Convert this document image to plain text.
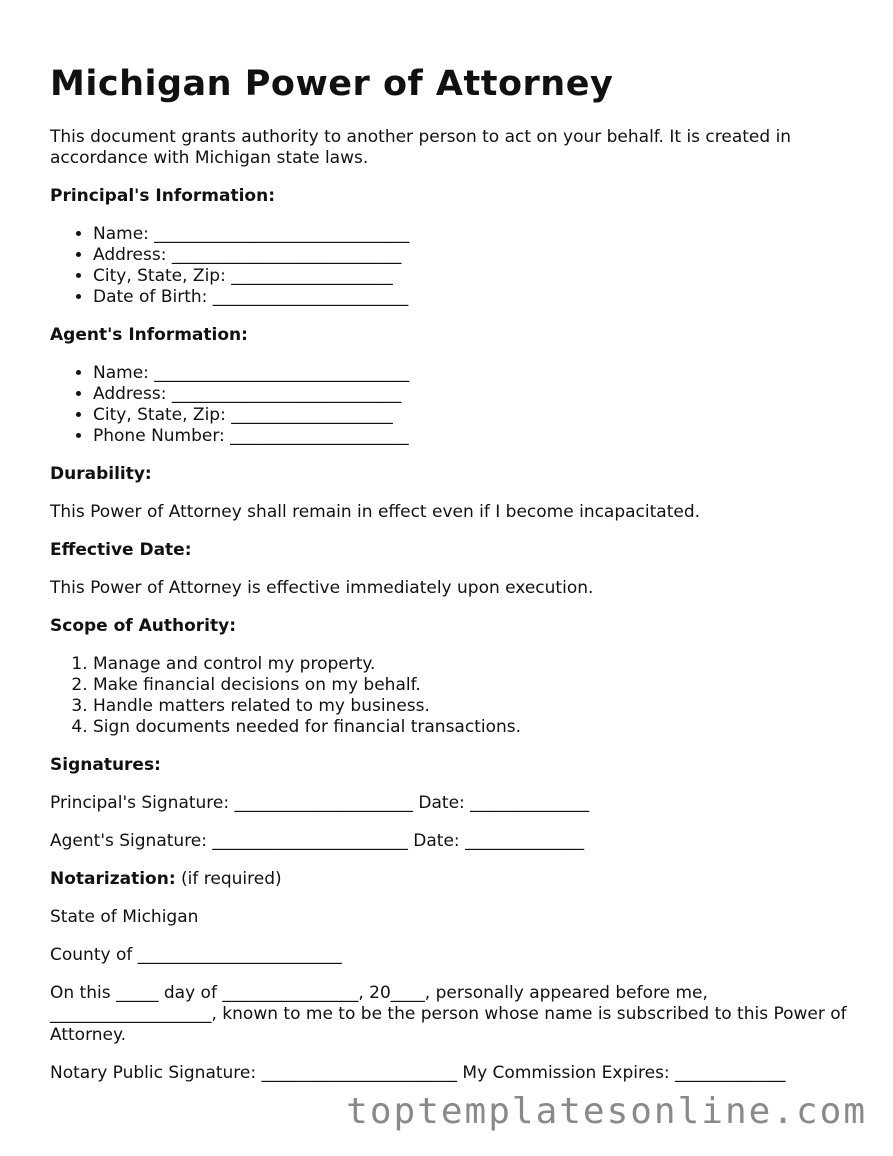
Michigan Power of Attorney

This document grants authority to another person to act on your behalf. It is created in accordance with Michigan state laws.

Principal's Information:
• Name: ______________________________
• Address: ___________________________
• City, State, Zip: ___________________
• Date of Birth: _______________________
Agent's Information:
• Name: ______________________________
• Address: ___________________________
• City, State, Zip: ___________________
• Phone Number: _____________________
Durability:

This Power of Attorney shall remain in effect even if I become incapacitated.

Effective Date:

This Power of Attorney is effective immediately upon execution.

Scope of Authority:
1. Manage and control my property.
2. Make financial decisions on my behalf.
3. Handle matters related to my business.
4. Sign documents needed for financial transactions.
Signatures:

Principal's Signature: _____________________ Date: ______________

Agent's Signature: _______________________ Date: ______________

Notarization: (if required)

State of Michigan

County of ________________________

On this _____ day of ________________, 20____, personally appeared before me, ___________________, known to me to be the person whose name is subscribed to this Power of Attorney.

Notary Public Signature: _______________________ My Commission Expires: _____________

toptemplatesonline.com
